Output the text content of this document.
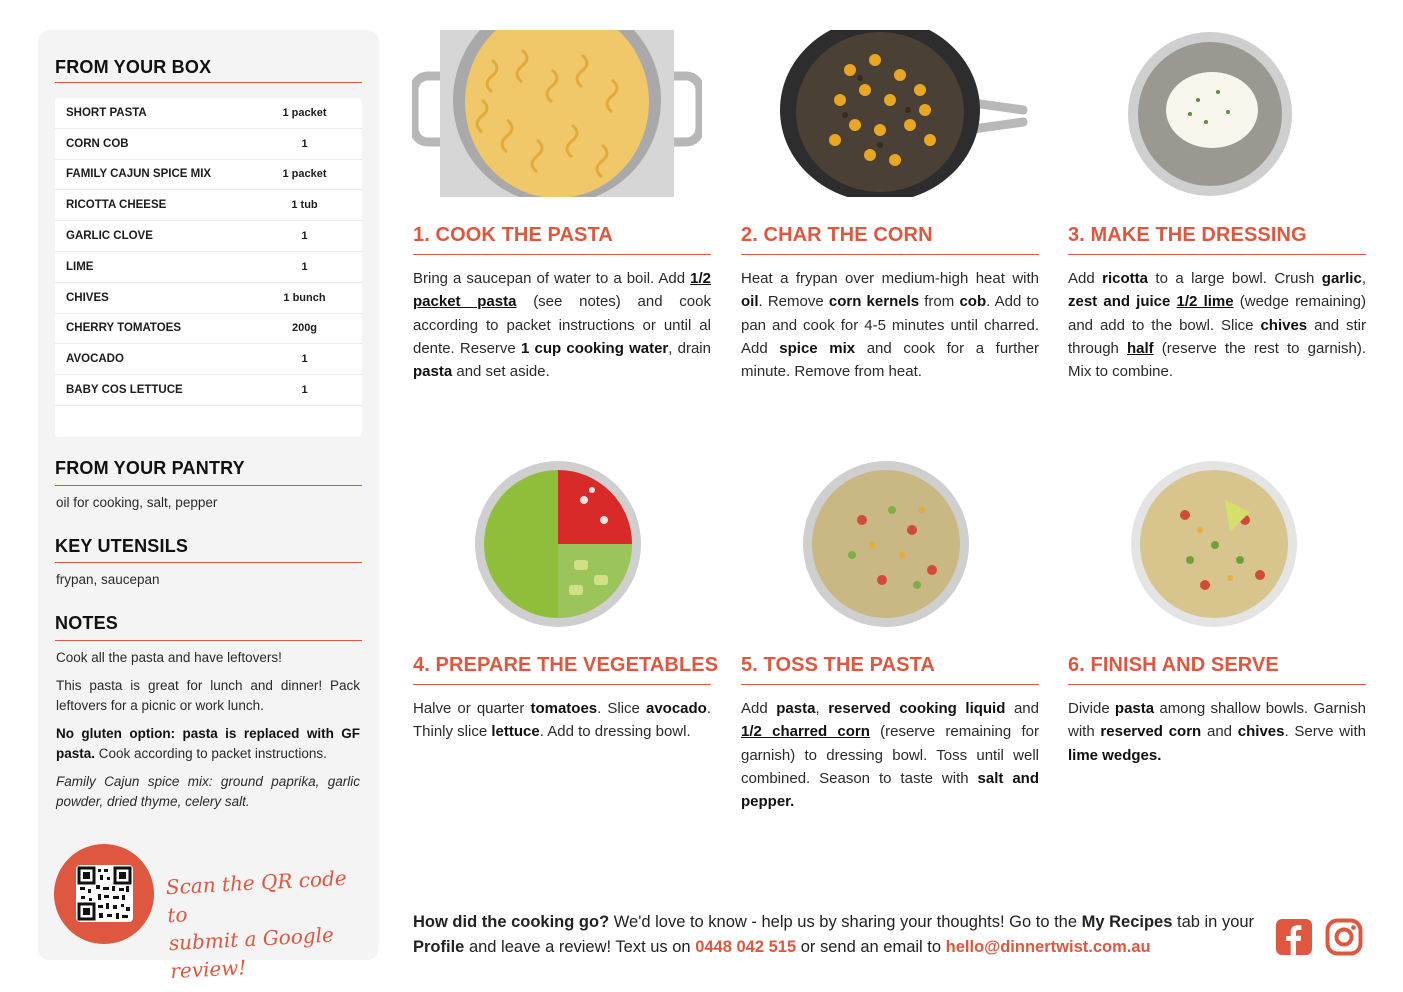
FROM YOUR BOX
SHORT PASTA	1 packet
CORN COB	1
FAMILY CAJUN SPICE MIX	1 packet
RICOTTA CHEESE	1 tub
GARLIC CLOVE	1
LIME	1
CHIVES	1 bunch
CHERRY TOMATOES	200g
AVOCADO	1
BABY COS LETTUCE	1
FROM YOUR PANTRY
oil for cooking, salt, pepper
KEY UTENSILS
frypan, saucepan
NOTES

Cook all the pasta and have leftovers!

This pasta is great for lunch and dinner! Pack leftovers for a picnic or work lunch.

No gluten option: pasta is replaced with GF pasta. Cook according to packet instructions.

Family Cajun spice mix: ground paprika, garlic powder, dried thyme, celery salt.

Scan the QR code to
submit a Google review!
1. COOK THE PASTA
Bring a saucepan of water to a boil. Add 1/2 packet pasta (see notes) and cook according to packet instructions or until al dente. Reserve 1 cup cooking water, drain pasta and set aside.
2. CHAR THE CORN
Heat a frypan over medium-high heat with oil. Remove corn kernels from cob. Add to pan and cook for 4-5 minutes until charred. Add spice mix and cook for a further minute. Remove from heat.
3. MAKE THE DRESSING
Add ricotta to a large bowl. Crush garlic, zest and juice 1/2 lime (wedge remaining) and add to the bowl. Slice chives and stir through half (reserve the rest to garnish). Mix to combine.
4. PREPARE THE VEGETABLES
Halve or quarter tomatoes. Slice avocado. Thinly slice lettuce. Add to dressing bowl.
5. TOSS THE PASTA
Add pasta, reserved cooking liquid and 1/2 charred corn (reserve remaining for garnish) to dressing bowl. Toss until well combined. Season to taste with salt and pepper.
6. FINISH AND SERVE
Divide pasta among shallow bowls. Garnish with reserved corn and chives. Serve with lime wedges.
How did the cooking go? We'd love to know - help us by sharing your thoughts! Go to the My Recipes tab in your Profile and leave a review! Text us on 0448 042 515 or send an email to hello@dinnertwist.com.au
